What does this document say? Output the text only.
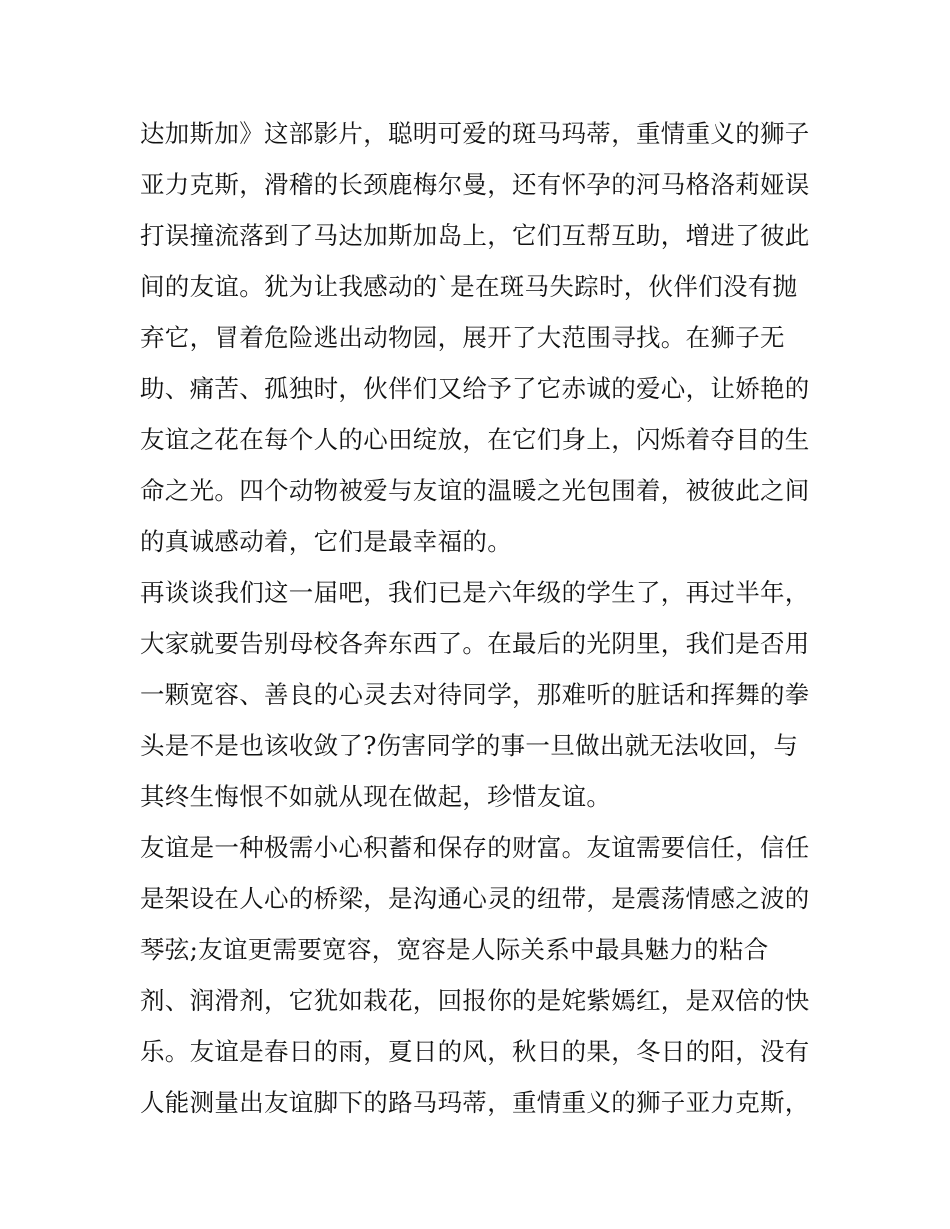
达加斯加》这部影片，聪明可爱的斑马玛蒂，重情重义的狮子
亚力克斯，滑稽的长颈鹿梅尔曼，还有怀孕的河马格洛莉娅误
打误撞流落到了马达加斯加岛上，它们互帮互助，增进了彼此
间的友谊。犹为让我感动的`是在斑马失踪时，伙伴们没有抛
弃它，冒着危险逃出动物园，展开了大范围寻找。在狮子无
助、痛苦、孤独时，伙伴们又给予了它赤诚的爱心，让娇艳的
友谊之花在每个人的心田绽放，在它们身上，闪烁着夺目的生
命之光。四个动物被爱与友谊的温暖之光包围着，被彼此之间
的真诚感动着，它们是最幸福的。
再谈谈我们这一届吧，我们已是六年级的学生了，再过半年，
大家就要告别母校各奔东西了。在最后的光阴里，我们是否用
一颗宽容、善良的心灵去对待同学，那难听的脏话和挥舞的拳
头是不是也该收敛了?伤害同学的事一旦做出就无法收回，与
其终生悔恨不如就从现在做起，珍惜友谊。
友谊是一种极需小心积蓄和保存的财富。友谊需要信任，信任
是架设在人心的桥梁，是沟通心灵的纽带，是震荡情感之波的
琴弦;友谊更需要宽容，宽容是人际关系中最具魅力的粘合
剂、润滑剂，它犹如栽花，回报你的是姹紫嫣红，是双倍的快
乐。友谊是春日的雨，夏日的风，秋日的果，冬日的阳，没有
人能测量出友谊脚下的路马玛蒂，重情重义的狮子亚力克斯，
